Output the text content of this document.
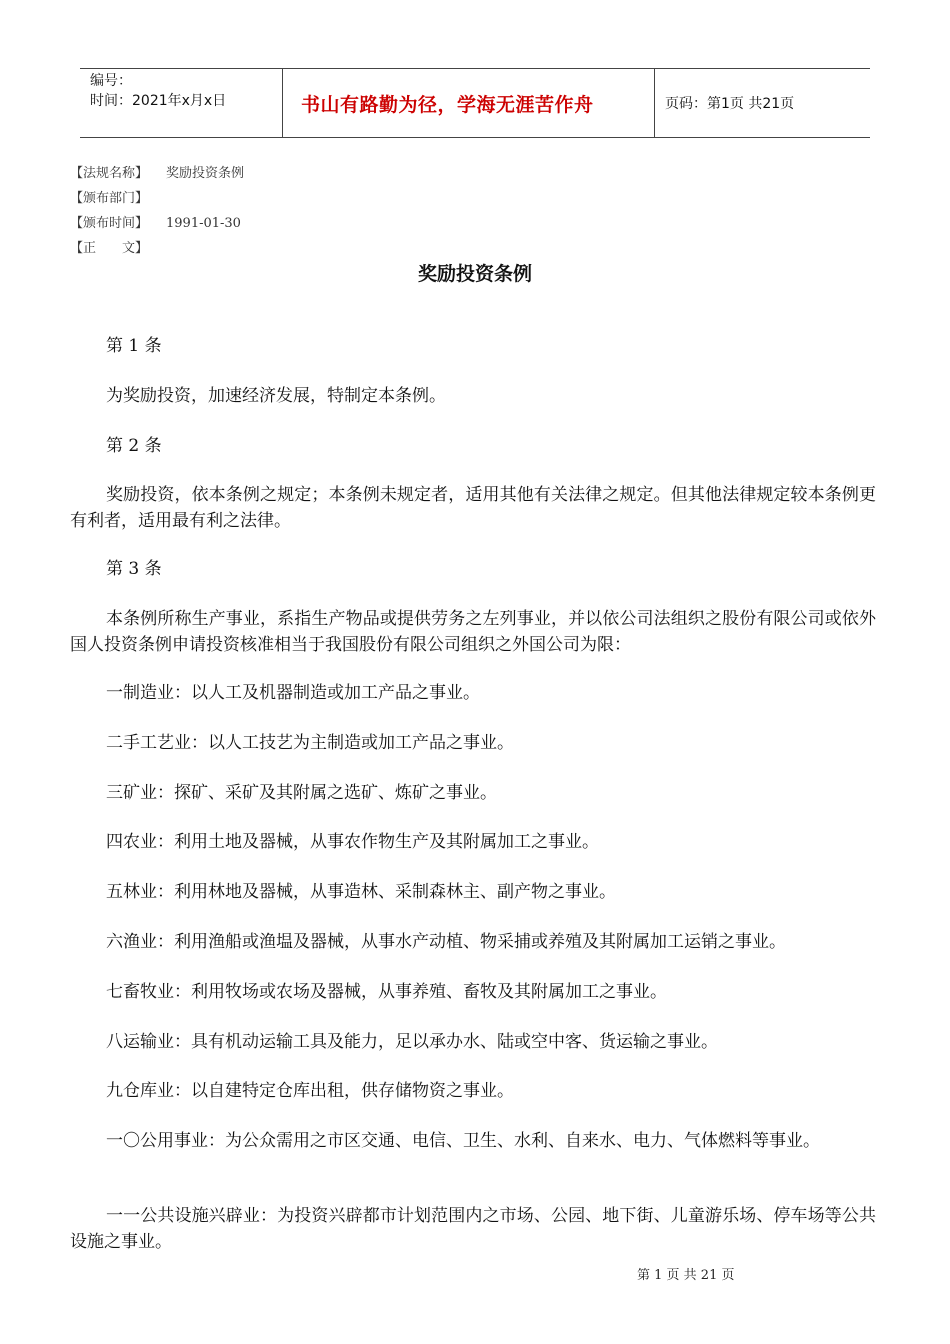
编号：
时间：2021年x月x日	书山有路勤为径，学海无涯苦作舟	页码：第1页 共21页
【法规名称】 奖励投资条例
【颁布部门】
【颁布时间】 1991-01-30
【正　　文】
奖励投资条例

第 1 条

为奖励投资，加速经济发展，特制定本条例。

第 2 条

奖励投资，依本条例之规定；本条例未规定者，适用其他有关法律之规定。但其他法律规定较本条例更有利者，适用最有利之法律。

第 3 条

本条例所称生产事业，系指生产物品或提供劳务之左列事业，并以依公司法组织之股份有限公司或依外国人投资条例申请投资核准相当于我国股份有限公司组织之外国公司为限：

一制造业：以人工及机器制造或加工产品之事业。

二手工艺业：以人工技艺为主制造或加工产品之事业。

三矿业：探矿、采矿及其附属之选矿、炼矿之事业。

四农业：利用土地及器械，从事农作物生产及其附属加工之事业。

五林业：利用林地及器械，从事造林、采制森林主、副产物之事业。

六渔业：利用渔船或渔塭及器械，从事水产动植、物采捕或养殖及其附属加工运销之事业。

七畜牧业：利用牧场或农场及器械，从事养殖、畜牧及其附属加工之事业。

八运输业：具有机动运输工具及能力，足以承办水、陆或空中客、货运输之事业。

九仓库业：以自建特定仓库出租，供存储物资之事业。

一〇公用事业：为公众需用之市区交通、电信、卫生、水利、自来水、电力、气体燃料等事业。

一一公共设施兴辟业：为投资兴辟都市计划范围内之市场、公园、地下街、儿童游乐场、停车场等公共设施之事业。

第 1 页 共 21 页
